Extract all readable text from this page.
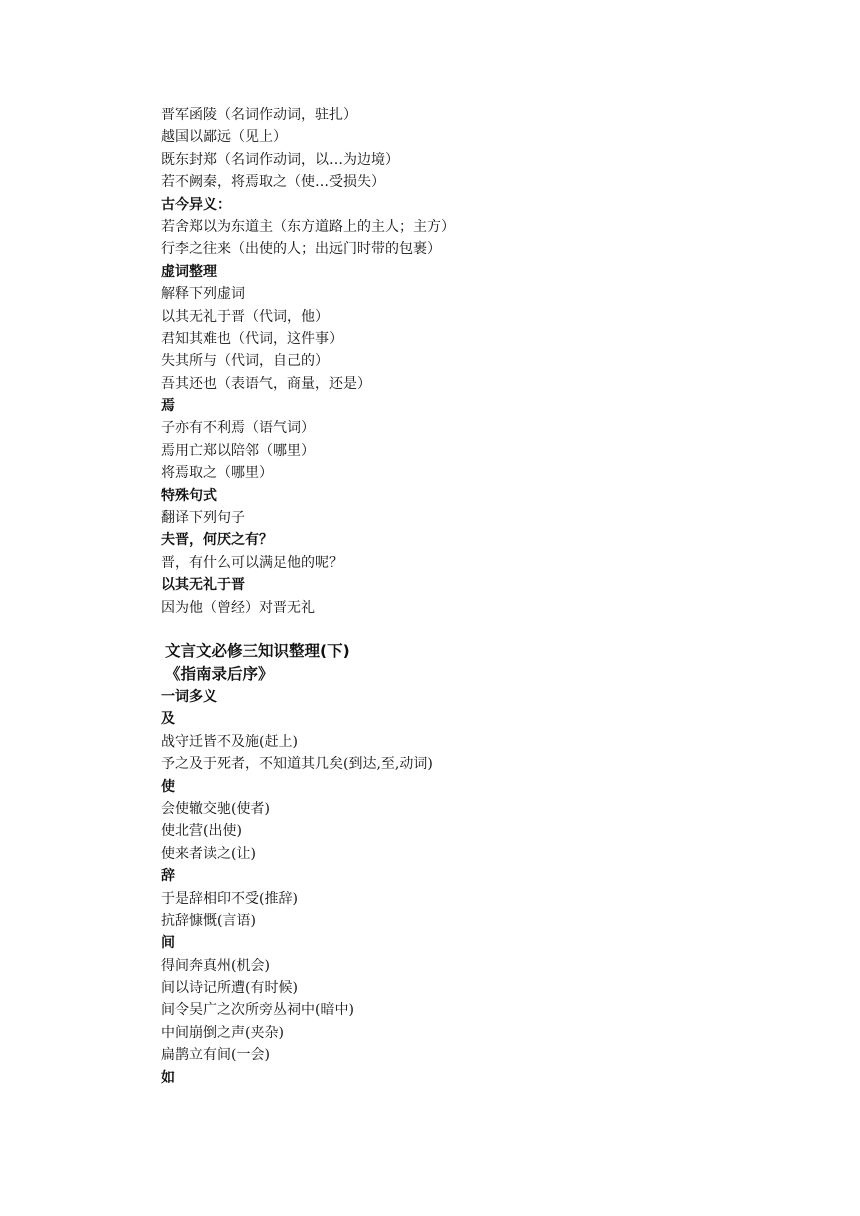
晋军函陵（名词作动词，驻扎）
越国以鄙远（见上）
既东封郑（名词作动词，以…为边境）
若不阙秦，将焉取之（使…受损失）
古今异义：
若舍郑以为东道主（东方道路上的主人；主方）
行李之往来（出使的人；出远门时带的包裹）
虚词整理
解释下列虚词
以其无礼于晋（代词，他）
君知其难也（代词，这件事）
失其所与（代词，自己的）
吾其还也（表语气，商量，还是）
焉
子亦有不利焉（语气词）
焉用亡郑以陪邻（哪里）
将焉取之（哪里）
特殊句式
翻译下列句子
夫晋，何厌之有？
晋，有什么可以满足他的呢？
以其无礼于晋
因为他（曾经）对晋无礼
文言文必修三知识整理(下)
《指南录后序》
一词多义
及
战守迁皆不及施(赶上)
予之及于死者，不知道其几矣(到达,至,动词)
使
会使辙交驰(使者)
使北营(出使)
使来者读之(让)
辞
于是辞相印不受(推辞)
抗辞慷慨(言语)
间
得间奔真州(机会)
间以诗记所遭(有时候)
间令吴广之次所旁丛祠中(暗中)
中间崩倒之声(夹杂)
扁鹊立有间(一会)
如
